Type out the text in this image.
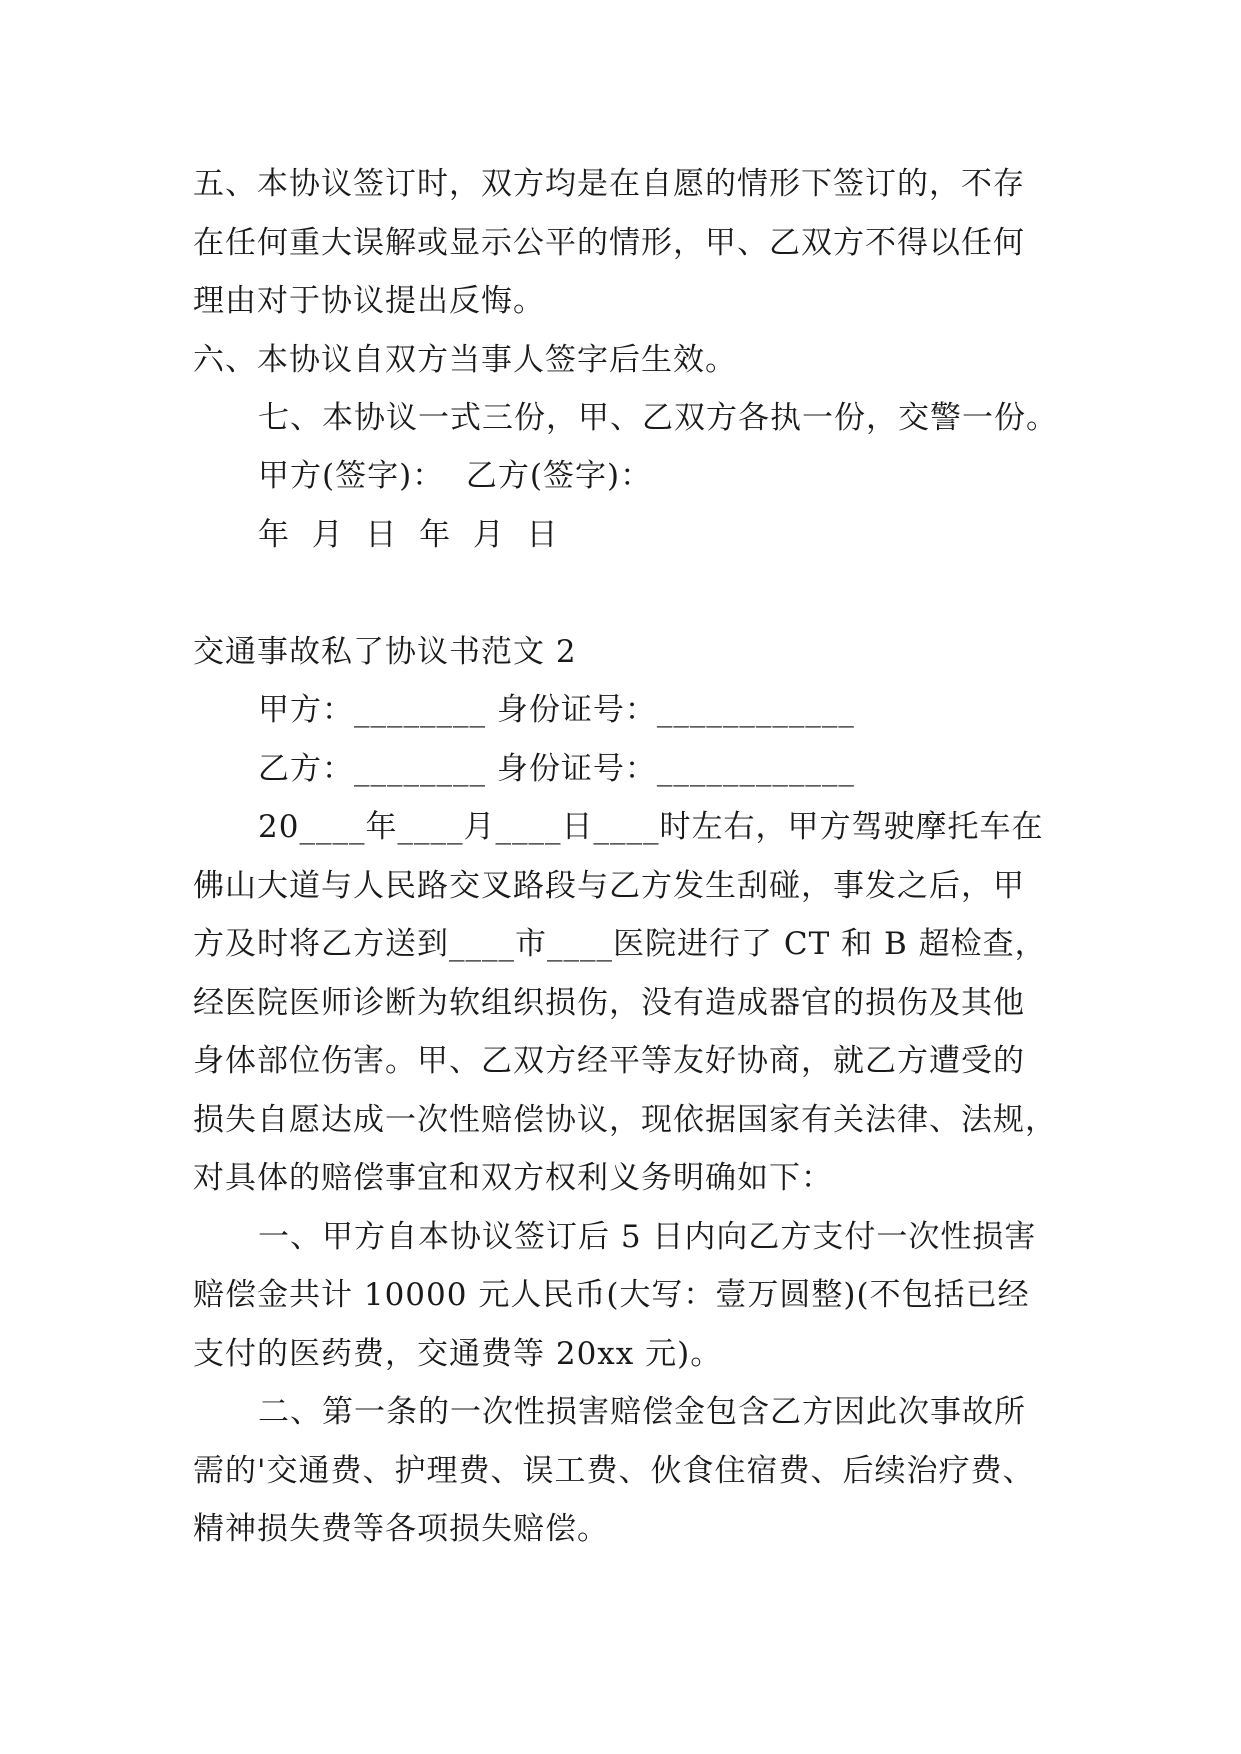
五、本协议签订时，双方均是在自愿的情形下签订的，不存
在任何重大误解或显示公平的情形，甲、乙双方不得以任何
理由对于协议提出反悔。
六、本协议自双方当事人签字后生效。
七、本协议一式三份，甲、乙双方各执一份，交警一份。
甲方(签字)：  乙方(签字)：
年  月  日  年  月  日
交通事故私了协议书范文 2
甲方：________ 身份证号：____________
乙方：________ 身份证号：____________
20____年____月____日____时左右，甲方驾驶摩托车在
佛山大道与人民路交叉路段与乙方发生刮碰，事发之后，甲
方及时将乙方送到____市____医院进行了 CT 和 B 超检查，
经医院医师诊断为软组织损伤，没有造成器官的损伤及其他
身体部位伤害。甲、乙双方经平等友好协商，就乙方遭受的
损失自愿达成一次性赔偿协议，现依据国家有关法律、法规，
对具体的赔偿事宜和双方权利义务明确如下：
一、甲方自本协议签订后 5 日内向乙方支付一次性损害
赔偿金共计 10000 元人民币(大写：壹万圆整)(不包括已经
支付的医药费，交通费等 20xx 元)。
二、第一条的一次性损害赔偿金包含乙方因此次事故所
需的'交通费、护理费、误工费、伙食住宿费、后续治疗费、
精神损失费等各项损失赔偿。
